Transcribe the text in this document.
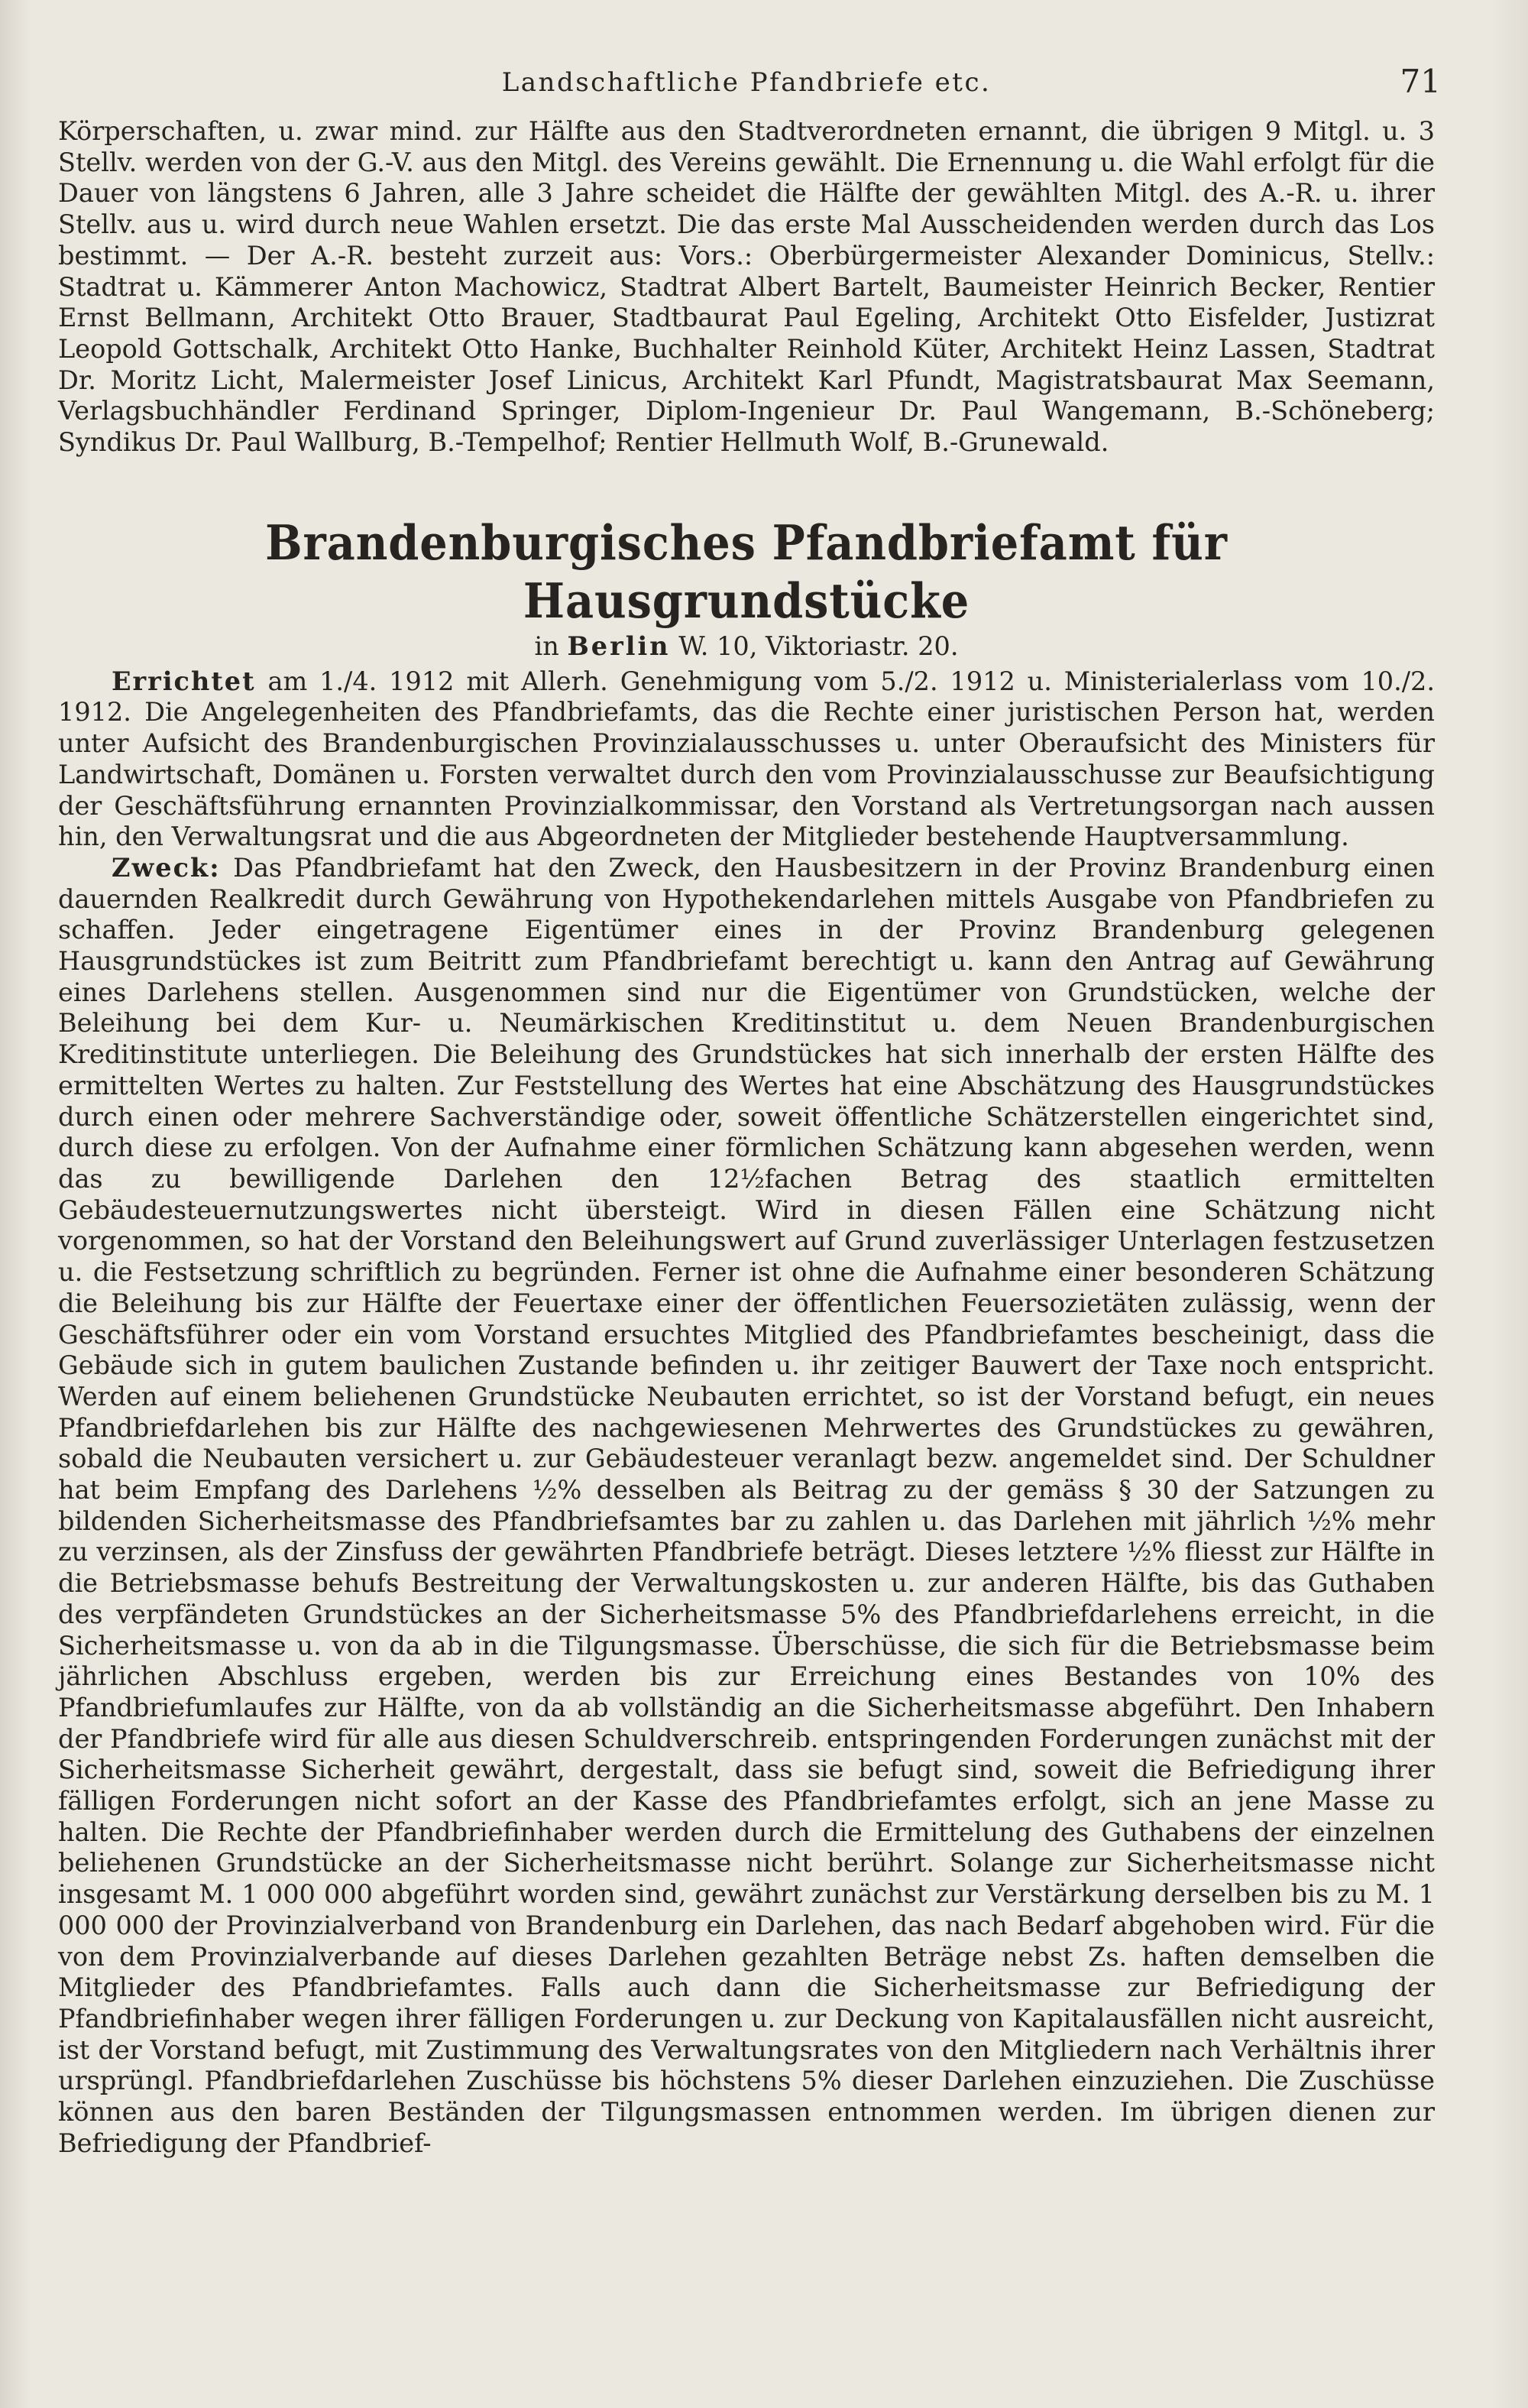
Landschaftliche Pfandbriefe etc.	71

Körperschaften, u. zwar mind. zur Hälfte aus den Stadtverordneten ernannt, die übrigen 9 Mitgl. u. 3 Stellv. werden von der G.-V. aus den Mitgl. des Vereins gewählt. Die Ernennung u. die Wahl erfolgt für die Dauer von längstens 6 Jahren, alle 3 Jahre scheidet die Hälfte der gewählten Mitgl. des A.-R. u. ihrer Stellv. aus u. wird durch neue Wahlen ersetzt. Die das erste Mal Ausscheidenden werden durch das Los bestimmt. — Der A.-R. besteht zurzeit aus: Vors.: Oberbürgermeister Alexander Dominicus, Stellv.: Stadtrat u. Kämmerer Anton Machowicz, Stadtrat Albert Bartelt, Baumeister Heinrich Becker, Rentier Ernst Bellmann, Architekt Otto Brauer, Stadtbaurat Paul Egeling, Architekt Otto Eisfelder, Justizrat Leopold Gottschalk, Architekt Otto Hanke, Buchhalter Reinhold Küter, Architekt Heinz Lassen, Stadtrat Dr. Moritz Licht, Malermeister Josef Linicus, Architekt Karl Pfundt, Magistratsbaurat Max Seemann, Verlagsbuchhändler Ferdinand Springer, Diplom-Ingenieur Dr. Paul Wangemann, B.-Schöneberg; Syndikus Dr. Paul Wallburg, B.-Tempelhof; Rentier Hellmuth Wolf, B.-Grunewald.

Brandenburgisches Pfandbriefamt für Hausgrundstücke
in Berlin W. 10, Viktoriastr. 20.

Errichtet am 1./4. 1912 mit Allerh. Genehmigung vom 5./2. 1912 u. Ministerialerlass vom 10./2. 1912. Die Angelegenheiten des Pfandbriefamts, das die Rechte einer juristischen Person hat, werden unter Aufsicht des Brandenburgischen Provinzialausschusses u. unter Oberaufsicht des Ministers für Landwirtschaft, Domänen u. Forsten verwaltet durch den vom Provinzialausschusse zur Beaufsichtigung der Geschäftsführung ernannten Provinzialkommissar, den Vorstand als Vertretungsorgan nach aussen hin, den Verwaltungsrat und die aus Abgeordneten der Mitglieder bestehende Hauptversammlung.

Zweck: Das Pfandbriefamt hat den Zweck, den Hausbesitzern in der Provinz Brandenburg einen dauernden Realkredit durch Gewährung von Hypothekendarlehen mittels Ausgabe von Pfandbriefen zu schaffen. Jeder eingetragene Eigentümer eines in der Provinz Brandenburg gelegenen Hausgrundstückes ist zum Beitritt zum Pfandbriefamt berechtigt u. kann den Antrag auf Gewährung eines Darlehens stellen. Ausgenommen sind nur die Eigentümer von Grundstücken, welche der Beleihung bei dem Kur- u. Neumärkischen Kreditinstitut u. dem Neuen Brandenburgischen Kreditinstitute unterliegen. Die Beleihung des Grundstückes hat sich innerhalb der ersten Hälfte des ermittelten Wertes zu halten. Zur Feststellung des Wertes hat eine Abschätzung des Hausgrundstückes durch einen oder mehrere Sachverständige oder, soweit öffentliche Schätzerstellen eingerichtet sind, durch diese zu erfolgen. Von der Aufnahme einer förmlichen Schätzung kann abgesehen werden, wenn das zu bewilligende Darlehen den 12½fachen Betrag des staatlich ermittelten Gebäudesteuernutzungswertes nicht übersteigt. Wird in diesen Fällen eine Schätzung nicht vorgenommen, so hat der Vorstand den Beleihungswert auf Grund zuverlässiger Unterlagen festzusetzen u. die Festsetzung schriftlich zu begründen. Ferner ist ohne die Aufnahme einer besonderen Schätzung die Beleihung bis zur Hälfte der Feuertaxe einer der öffentlichen Feuersozietäten zulässig, wenn der Geschäftsführer oder ein vom Vorstand ersuchtes Mitglied des Pfandbriefamtes bescheinigt, dass die Gebäude sich in gutem baulichen Zustande befinden u. ihr zeitiger Bauwert der Taxe noch entspricht. Werden auf einem beliehenen Grundstücke Neubauten errichtet, so ist der Vorstand befugt, ein neues Pfandbriefdarlehen bis zur Hälfte des nachgewiesenen Mehrwertes des Grundstückes zu gewähren, sobald die Neubauten versichert u. zur Gebäudesteuer veranlagt bezw. angemeldet sind. Der Schuldner hat beim Empfang des Darlehens ½% desselben als Beitrag zu der gemäss § 30 der Satzungen zu bildenden Sicherheitsmasse des Pfandbriefsamtes bar zu zahlen u. das Darlehen mit jährlich ½% mehr zu verzinsen, als der Zinsfuss der gewährten Pfandbriefe beträgt. Dieses letztere ½% fliesst zur Hälfte in die Betriebsmasse behufs Bestreitung der Verwaltungskosten u. zur anderen Hälfte, bis das Guthaben des verpfändeten Grundstückes an der Sicherheitsmasse 5% des Pfandbriefdarlehens erreicht, in die Sicherheitsmasse u. von da ab in die Tilgungsmasse. Überschüsse, die sich für die Betriebsmasse beim jährlichen Abschluss ergeben, werden bis zur Erreichung eines Bestandes von 10% des Pfandbriefumlaufes zur Hälfte, von da ab vollständig an die Sicherheitsmasse abgeführt. Den Inhabern der Pfandbriefe wird für alle aus diesen Schuldverschreib. entspringenden Forderungen zunächst mit der Sicherheitsmasse Sicherheit gewährt, dergestalt, dass sie befugt sind, soweit die Befriedigung ihrer fälligen Forderungen nicht sofort an der Kasse des Pfandbriefamtes erfolgt, sich an jene Masse zu halten. Die Rechte der Pfandbriefinhaber werden durch die Ermittelung des Guthabens der einzelnen beliehenen Grundstücke an der Sicherheitsmasse nicht berührt. Solange zur Sicherheitsmasse nicht insgesamt M. 1 000 000 abgeführt worden sind, gewährt zunächst zur Verstärkung derselben bis zu M. 1 000 000 der Provinzialverband von Brandenburg ein Darlehen, das nach Bedarf abgehoben wird. Für die von dem Provinzialverbande auf dieses Darlehen gezahlten Beträge nebst Zs. haften demselben die Mitglieder des Pfandbriefamtes. Falls auch dann die Sicherheitsmasse zur Befriedigung der Pfandbriefinhaber wegen ihrer fälligen Forderungen u. zur Deckung von Kapitalausfällen nicht ausreicht, ist der Vorstand befugt, mit Zustimmung des Verwaltungsrates von den Mitgliedern nach Verhältnis ihrer ursprüngl. Pfandbriefdarlehen Zuschüsse bis höchstens 5% dieser Darlehen einzuziehen. Die Zuschüsse können aus den baren Beständen der Tilgungsmassen entnommen werden. Im übrigen dienen zur Befriedigung der Pfandbrief-
